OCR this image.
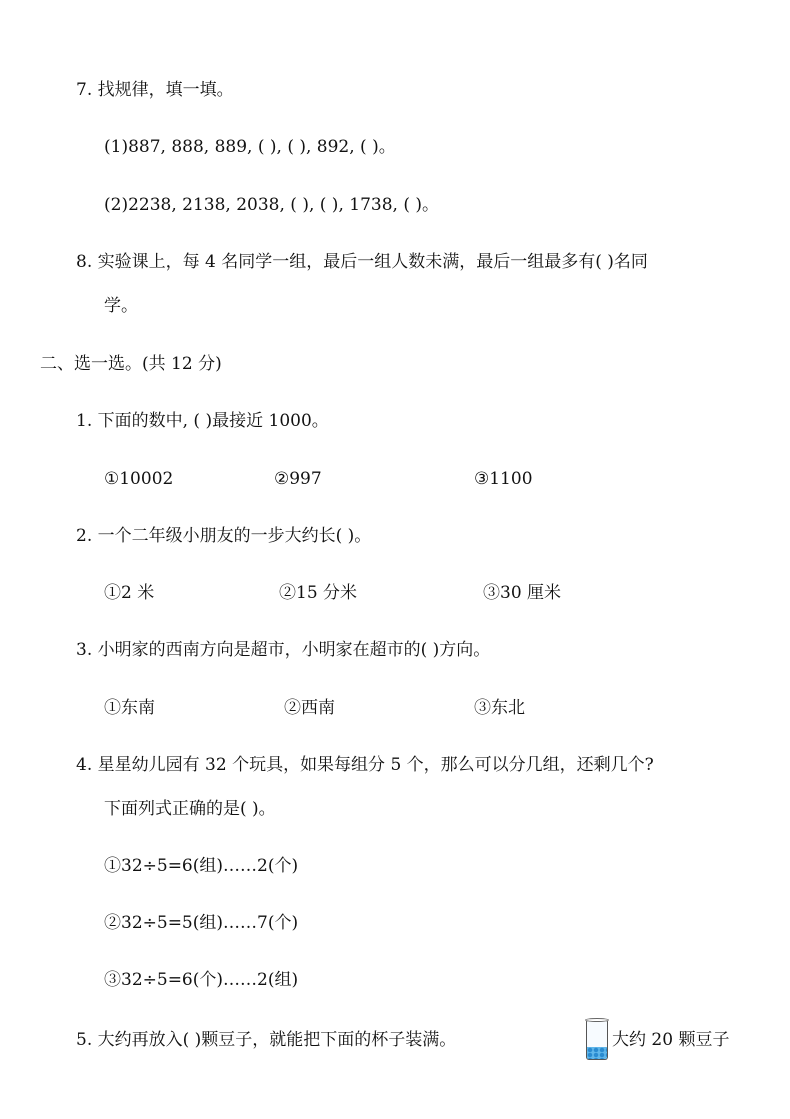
7. 找规律，填一填。
(1)887, 888, 889, ( ), ( ), 892, ( )。
(2)2238, 2138, 2038, ( ), ( ), 1738, ( )。
8. 实验课上，每 4 名同学一组，最后一组人数未满，最后一组最多有( )名同
学。
二、选一选。(共 12 分)
1. 下面的数中, ( )最接近 1000。
①10002	②997	③1100
2. 一个二年级小朋友的一步大约长( )。
①2 米	②15 分米	③30 厘米
3. 小明家的西南方向是超市，小明家在超市的( )方向。
①东南	②西南	③东北
4. 星星幼儿园有 32 个玩具，如果每组分 5 个，那么可以分几组，还剩几个?
下面列式正确的是( )。
①32÷5=6(组)……2(个)
②32÷5=5(组)……7(个)
③32÷5=6(个)……2(组)
5. 大约再放入( )颗豆子，就能把下面的杯子装满。	大约 20 颗豆子
